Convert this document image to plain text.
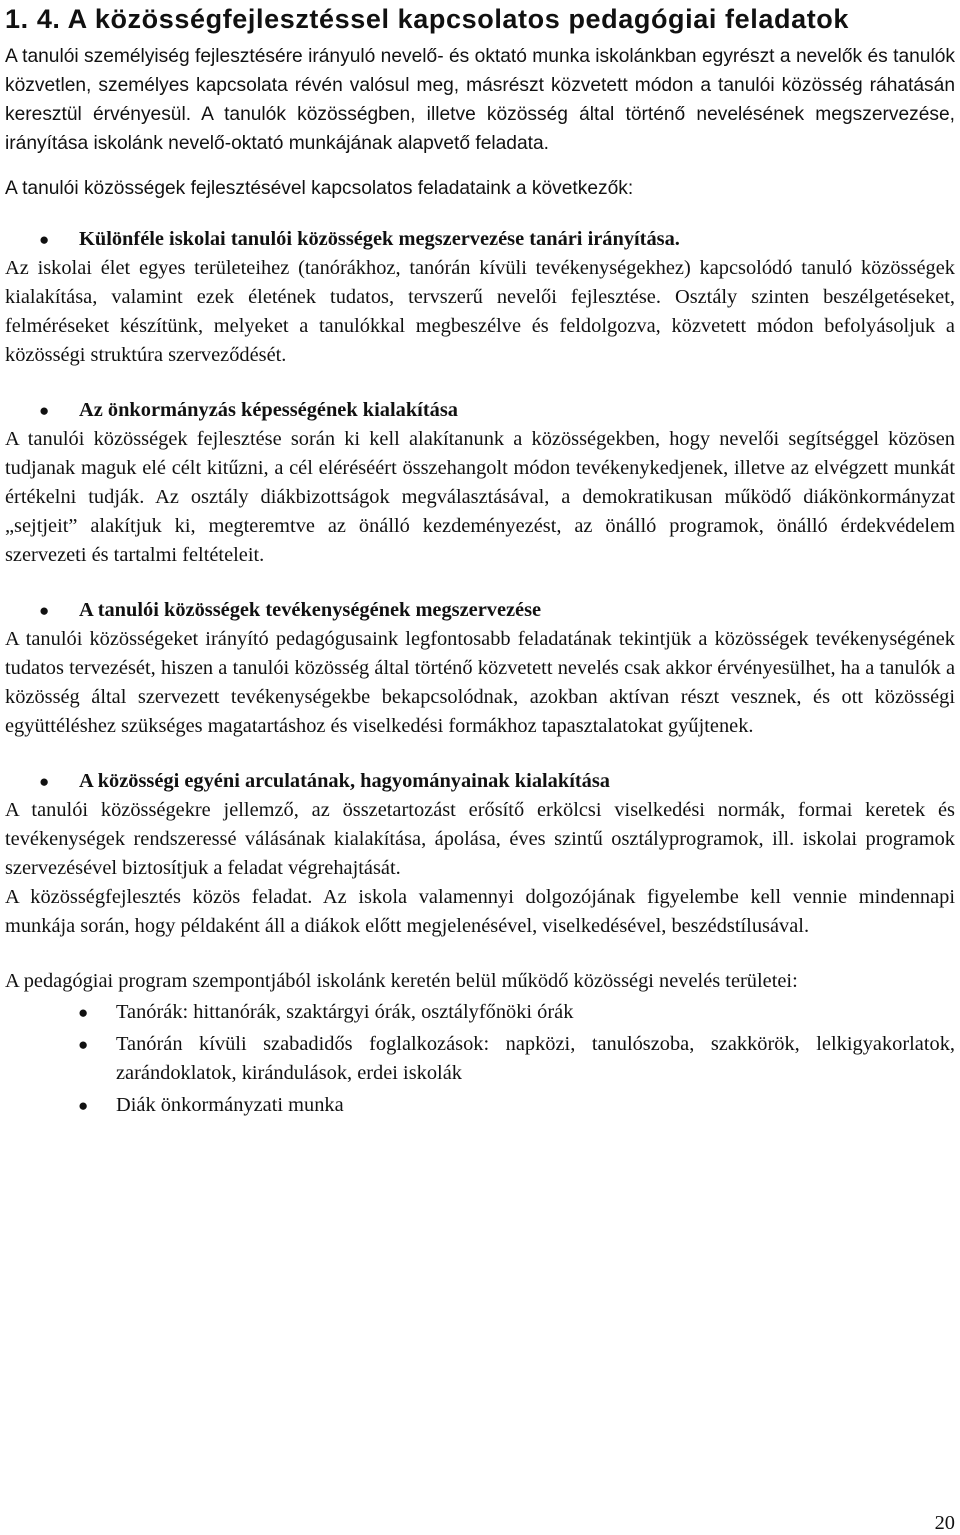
1. 4. A közösségfejlesztéssel kapcsolatos pedagógiai feladatok

A tanulói személyiség fejlesztésére irányuló nevelő- és oktató munka iskolánkban egyrészt a nevelők és tanulók közvetlen, személyes kapcsolata révén valósul meg, másrészt közvetett módon a tanulói közösség ráhatásán keresztül érvényesül. A tanulók közösségben, illetve közösség által történő nevelésének megszervezése, irányítása iskolánk nevelő-oktató munkájának alapvető feladata.

A tanulói közösségek fejlesztésével kapcsolatos feladataink a következők:

● Különféle iskolai tanulói közösségek megszervezése tanári irányítása.

Az iskolai élet egyes területeihez (tanórákhoz, tanórán kívüli tevékenységekhez) kapcsolódó tanuló közösségek kialakítása, valamint ezek életének tudatos, tervszerű nevelői fejlesztése. Osztály szinten beszélgetéseket, felméréseket készítünk, melyeket a tanulókkal megbeszélve és feldolgozva, közvetett módon befolyásoljuk a közösségi struktúra szerveződését.

● Az önkormányzás képességének kialakítása

A tanulói közösségek fejlesztése során ki kell alakítanunk a közösségekben, hogy nevelői segítséggel közösen tudjanak maguk elé célt kitűzni, a cél eléréséért összehangolt módon tevékenykedjenek, illetve az elvégzett munkát értékelni tudják. Az osztály diákbizottságok megválasztásával, a demokratikusan működő diákönkormányzat „sejtjeit” alakítjuk ki, megteremtve az önálló kezdeményezést, az önálló programok, önálló érdekvédelem szervezeti és tartalmi feltételeit.

● A tanulói közösségek tevékenységének megszervezése

A tanulói közösségeket irányító pedagógusaink legfontosabb feladatának tekintjük a közösségek tevékenységének tudatos tervezését, hiszen a tanulói közösség által történő közvetett nevelés csak akkor érvényesülhet, ha a tanulók a közösség által szervezett tevékenységekbe bekapcsolódnak, azokban aktívan részt vesznek, és ott közösségi együttéléshez szükséges magatartáshoz és viselkedési formákhoz tapasztalatokat gyűjtenek.

● A közösségi egyéni arculatának, hagyományainak kialakítása

A tanulói közösségekre jellemző, az összetartozást erősítő erkölcsi viselkedési normák, formai keretek és tevékenységek rendszeressé válásának kialakítása, ápolása, éves szintű osztályprogramok, ill. iskolai programok szervezésével biztosítjuk a feladat végrehajtását.

A közösségfejlesztés közös feladat. Az iskola valamennyi dolgozójának figyelembe kell vennie mindennapi munkája során, hogy példaként áll a diákok előtt megjelenésével, viselkedésével, beszédstílusával.

A pedagógiai program szempontjából iskolánk keretén belül működő közösségi nevelés területei:

● Tanórák: hittanórák, szaktárgyi órák, osztályfőnöki órák
● Tanórán kívüli szabadidős foglalkozások: napközi, tanulószoba, szakkörök, lelkigyakorlatok, zarándoklatok, kirándulások, erdei iskolák
● Diák önkormányzati munka
20
